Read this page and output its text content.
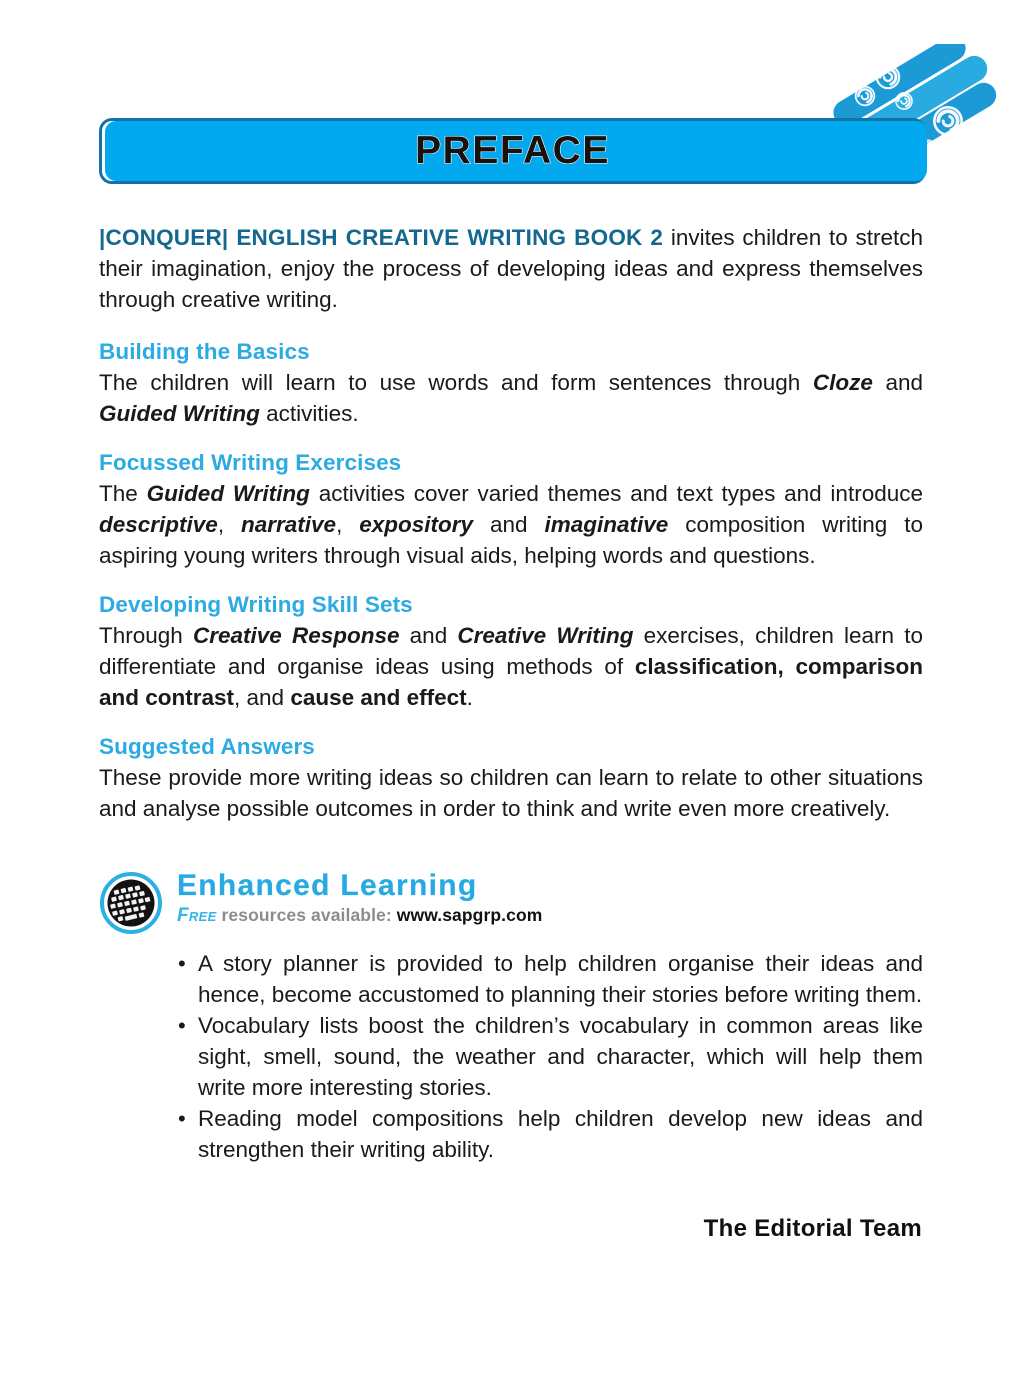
PREFACE

|CONQUER| ENGLISH CREATIVE WRITING BOOK 2 invites children to stretch their imagination, enjoy the process of developing ideas and express themselves through creative writing.

Building the Basics

The children will learn to use words and form sentences through Cloze and Guided Writing activities.

Focussed Writing Exercises

The Guided Writing activities cover varied themes and text types and introduce descriptive, narrative, expository and imaginative composition writing to aspiring young writers through visual aids, helping words and questions.

Developing Writing Skill Sets

Through Creative Response and Creative Writing exercises, children learn to differentiate and organise ideas using methods of classification, comparison and contrast, and cause and effect.

Suggested Answers

These provide more writing ideas so children can learn to relate to other situations and analyse possible outcomes in order to think and write even more creatively.

Enhanced Learning
Free resources available: www.sapgrp.com
• A story planner is provided to help children organise their ideas and hence, become accustomed to planning their stories before writing them.
• Vocabulary lists boost the children’s vocabulary in common areas like sight, smell, sound, the weather and character, which will help them write more interesting stories.
• Reading model compositions help children develop new ideas and strengthen their writing ability.
The Editorial Team
